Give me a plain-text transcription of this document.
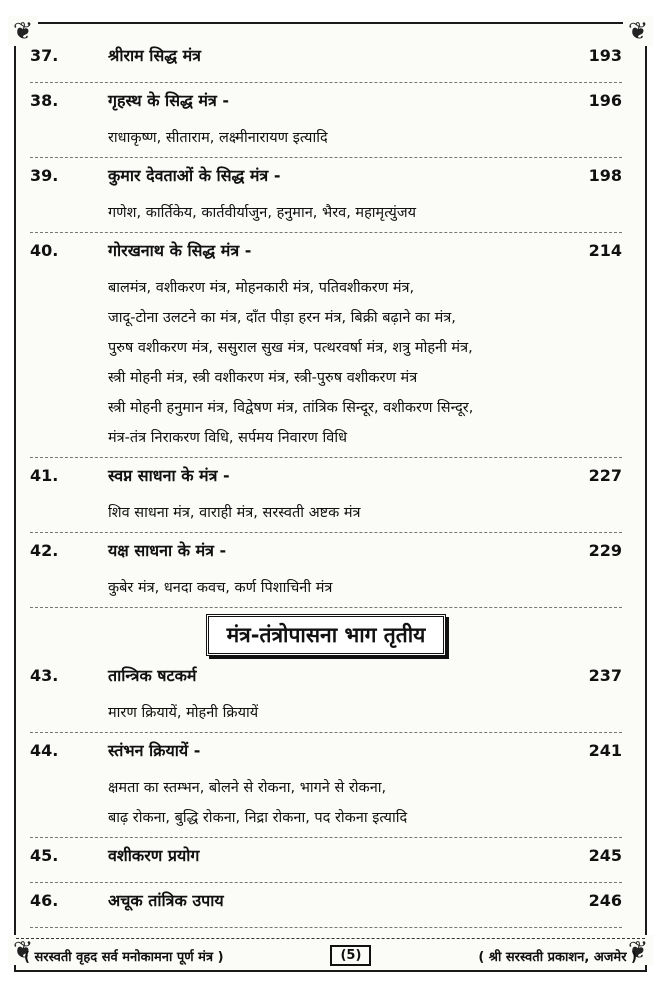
❦	❦
❦	❦
37.	श्रीराम सिद्ध मंत्र	193
38.	गृहस्थ के सिद्ध मंत्र -	196
राधाकृष्ण, सीताराम, लक्ष्मीनारायण इत्यादि
39.	कुमार देवताओं के सिद्ध मंत्र -	198
गणेश, कार्तिकेय, कार्तवीर्याजुन, हनुमान, भैरव, महामृत्युंजय
40.	गोरखनाथ के सिद्ध मंत्र -	214
बालमंत्र, वशीकरण मंत्र, मोहनकारी मंत्र, पतिवशीकरण मंत्र,
जादू-टोना उलटने का मंत्र, दाँत पीड़ा हरन मंत्र, बिक्री बढ़ाने का मंत्र,
पुरुष वशीकरण मंत्र, ससुराल सुख मंत्र, पत्थरवर्षा मंत्र, शत्रु मोहनी मंत्र,
स्त्री मोहनी मंत्र, स्त्री वशीकरण मंत्र, स्त्री-पुरुष वशीकरण मंत्र
स्त्री मोहनी हनुमान मंत्र, विद्वेषण मंत्र, तांत्रिक सिन्दूर, वशीकरण सिन्दूर,
मंत्र-तंत्र निराकरण विधि, सर्पमय निवारण विधि
41.	स्वप्न साधना के मंत्र -	227
शिव साधना मंत्र, वाराही मंत्र, सरस्वती अष्टक मंत्र
42.	यक्ष साधना के मंत्र -	229
कुबेर मंत्र, धनदा कवच, कर्ण पिशाचिनी मंत्र
मंत्र-तंत्रोपासना भाग तृतीय
43.	तान्त्रिक षटकर्म	237
मारण क्रियायें, मोहनी क्रियायें
44.	स्तंभन क्रियायें -	241
क्षमता का स्तम्भन, बोलने से रोकना, भागने से रोकना,
बाढ़ रोकना, बुद्धि रोकना, निद्रा रोकना, पद रोकना इत्यादि
45.	वशीकरण प्रयोग	245
46.	अचूक तांत्रिक उपाय	246
( सरस्वती वृहद सर्व मनोकामना पूर्ण मंत्र )	(5)	( श्री सरस्वती प्रकाशन, अजमेर )
